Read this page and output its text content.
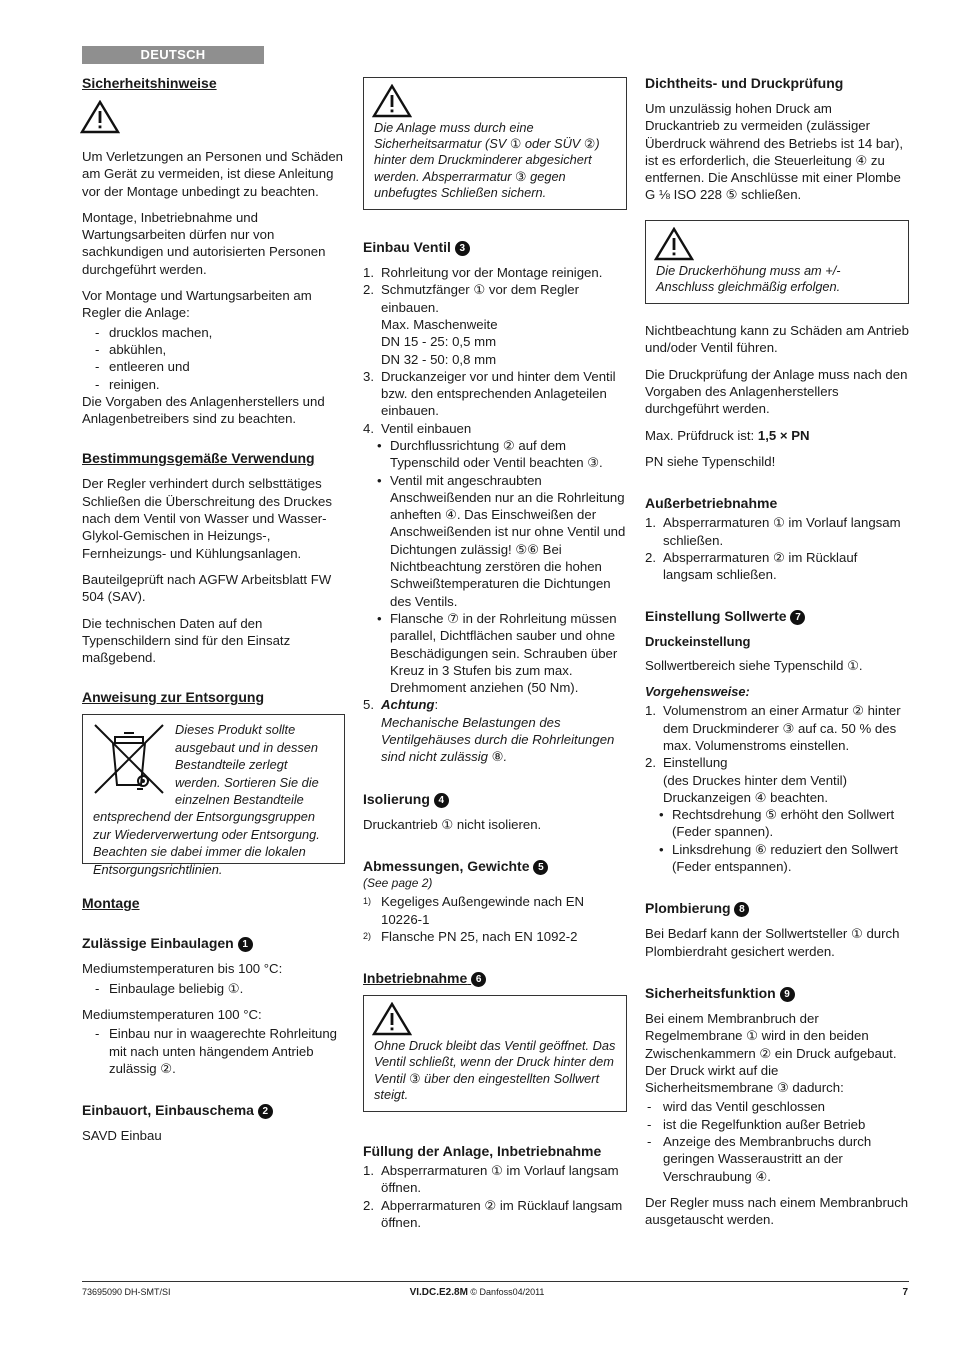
DEUTSCH
Sicherheitshinweise

Um Verletzungen an Personen und Schäden am Gerät zu vermeiden, ist diese Anleitung vor der Montage unbedingt zu beachten.

Montage, Inbetriebnahme und Wartungsarbeiten dürfen nur von sachkundigen und autorisierten Personen durchgeführt werden.

Vor Montage und Wartungsarbeiten am Regler die Anlage:

- drucklos machen,
- abkühlen,
- entleeren und
- reinigen.

Die Vorgaben des Anlagenherstellers und Anlagenbetreibers sind zu beachten.

Bestimmungsgemäße Verwendung

Der Regler verhindert durch selbsttätiges Schließen die Überschreitung des Druckes nach dem Ventil von Wasser und Wasser-Glykol-Gemischen in Heizungs-, Fernheizungs- und Kühlungsanlagen.

Bauteilgeprüft nach AGFW Arbeitsblatt FW 504 (SAV).

Die technischen Daten auf den Typenschildern sind für den Einsatz maßgebend.

Anweisung zur Entsorgung
Dieses Produkt sollte ausgebaut und in dessen Bestandteile zerlegt werden. Sortieren Sie die einzelnen Bestandteile entsprechend der Entsorgungsgruppen zur Wiederverwertung oder Entsorgung. Beachten sie dabei immer die lokalen Entsorgungsrichtlinien.
Montage
Zulässige Einbaulagen 1

Mediumstemperaturen bis 100 °C:

- Einbaulage beliebig ①.

Mediumstemperaturen 100 °C:

- Einbau nur in waagerechte Rohrleitung mit nach unten hängendem Antrieb zulässig ②.
Einbauort, Einbauschema 2

SAVD Einbau

Die Anlage muss durch eine Sicherheitsarmatur (SV ① oder SÜV ②) hinter dem Druckminderer abgesichert werden. Absperrarmatur ③ gegen unbefugtes Schließen sichern.
Einbau Ventil 3
1. Rohrleitung vor der Montage reinigen.
2. Schmutzfänger ① vor dem Regler einbauen.
Max. Maschenweite
DN 15 - 25: 0,5 mm
DN 32 - 50: 0,8 mm
3. Druckanzeiger vor und hinter dem Ventil bzw. den entsprechenden Anlageteilen einbauen.
4. Ventil einbauen
• Durchflussrichtung ② auf dem Typenschild oder Ventil beachten ③.
• Ventil mit angeschraubten Anschweißenden nur an die Rohrleitung anheften ④. Das Einschweißen der Anschweißenden ist nur ohne Ventil und Dichtungen zulässig! ⑤⑥ Bei Nichtbeachtung zerstören die hohen Schweißtemperaturen die Dichtungen des Ventils.
• Flansche ⑦ in der Rohrleitung müssen parallel, Dichtflächen sauber und ohne Beschädigungen sein. Schrauben über Kreuz in 3 Stufen bis zum max. Drehmoment anziehen (50 Nm).
5. Achtung:
Mechanische Belastungen des Ventilgehäuses durch die Rohrleitungen sind nicht zulässig ⑧.
Isolierung 4

Druckantrieb ① nicht isolieren.

Abmessungen, Gewichte 5

(See page 2)

1) Kegeliges Außengewinde nach EN 10226-1
2) Flansche PN 25, nach EN 1092-2
Inbetriebnahme 6
Ohne Druck bleibt das Ventil geöffnet. Das Ventil schließt, wenn der Druck hinter dem Ventil ③ über den eingestellten Sollwert steigt.
Füllung der Anlage, Inbetriebnahme
1. Absperrarmaturen ① im Vorlauf langsam öffnen.
2. Abperrarmaturen ② im Rücklauf langsam öffnen.
Dichtheits- und Druckprüfung

Um unzulässig hohen Druck am Druckantrieb zu vermeiden (zulässiger Überdruck während des Betriebs ist 14 bar), ist es erforderlich, die Steuerleitung ④ zu entfernen. Die Anschlüsse mit einer Plombe G ⅛ ISO 228 ⑤ schließen.

Die Druckerhöhung muss am +/- Anschluss gleichmäßig erfolgen.

Nichtbeachtung kann zu Schäden am Antrieb und/oder Ventil führen.

Die Druckprüfung der Anlage muss nach den Vorgaben des Anlagenherstellers durchgeführt werden.

Max. Prüfdruck ist: 1,5 × PN

PN siehe Typenschild!

Außerbetriebnahme
1. Absperrarmaturen ① im Vorlauf langsam schließen.
2. Absperrarmaturen ② im Rücklauf langsam schließen.
Einstellung Sollwerte 7
Druckeinstellung

Sollwertbereich siehe Typenschild ①.

Vorgehensweise:

1. Volumenstrom an einer Armatur ② hinter dem Druckminderer ③ auf ca. 50 % des max. Volumenstroms einstellen.
2. Einstellung
(des Druckes hinter dem Ventil)
Druckanzeigen ④ beachten.
• Rechtsdrehung ⑤ erhöht den Sollwert (Feder spannen).
• Linksdrehung ⑥ reduziert den Sollwert (Feder entspannen).
Plombierung 8

Bei Bedarf kann der Sollwertsteller ① durch Plombierdraht gesichert werden.

Sicherheitsfunktion 9

Bei einem Membranbruch der Regelmembrane ① wird in den beiden Zwischenkammern ② ein Druck aufgebaut. Der Druck wirkt auf die Sicherheitsmembrane ③ dadurch:

- wird das Ventil geschlossen
- ist die Regelfunktion außer Betrieb
- Anzeige des Membranbruchs durch geringen Wasseraustritt an der Verschraubung ④.

Der Regler muss nach einem Membranbruch ausgetauscht werden.

73695090 DH-SMT/SI	VI.DC.E2.8M © Danfoss04/2011	7
